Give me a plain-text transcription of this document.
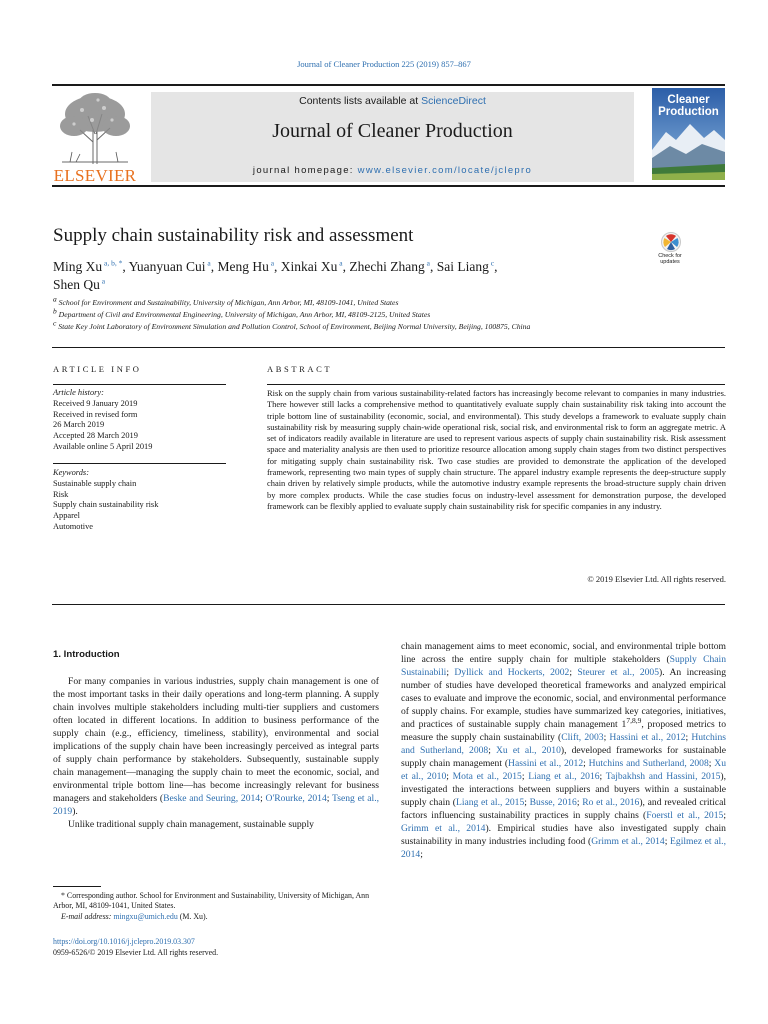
Journal of Cleaner Production 225 (2019) 857–867
ELSEVIER
Contents lists available at ScienceDirect
Journal of Cleaner Production
journal homepage: www.elsevier.com/locate/jclepro
Cleaner
Production
Supply chain sustainability risk and assessment
Check for updates
Ming Xu $^{a, b, *}$, Yuanyuan Cui $^a$, Meng Hu $^a$, Xinkai Xu $^a$, Zhechi Zhang $^a$, Sai Liang $^c$,
Shen Qu $^a$
$^a$ School for Environment and Sustainability, University of Michigan, Ann Arbor, MI, 48109-1041, United States
$^b$ Department of Civil and Environmental Engineering, University of Michigan, Ann Arbor, MI, 48109-2125, United States
$^c$ State Key Joint Laboratory of Environment Simulation and Pollution Control, School of Environment, Beijing Normal University, Beijing, 100875, China
ARTICLE INFO	ABSTRACT
Article history:
Received 9 January 2019
Received in revised form
26 March 2019
Accepted 28 March 2019
Available online 5 April 2019
Keywords:
Sustainable supply chain
Risk
Supply chain sustainability risk
Apparel
Automotive
Risk on the supply chain from various sustainability-related factors has increasingly become relevant to companies in many industries. There however still lacks a comprehensive method to quantitatively evaluate supply chain sustainability risk taking into account the triple bottom line of sustainability (economic, social, and environmental). This study develops a framework to evaluate supply chain sustainability risk by measuring supply chain-wide operational risk, social risk, and environmental risk to form an aggregate metric. A set of indicators readily available in literature are used to represent various aspects of supply chain sustainability risk. Risk assessment space and materiality analysis are then used to prioritize resource allocation among supply chain stages from two distinct perspectives for mitigating supply chain sustainability risk. Two case studies are provided to demonstrate the application of the developed framework, representing two main types of supply chain structure. The apparel industry example represents the deep-structure supply chain driven by relatively simple products, while the automotive industry example represents the broad-structure supply chain driven by more complex products. While the case studies focus on industry-level assessment for demonstration purpose, the developed framework can be flexibly applied to evaluate supply chain sustainability risk for specific companies in any industry.
© 2019 Elsevier Ltd. All rights reserved.
1. Introduction

For many companies in various industries, supply chain management is one of the most important tasks in their daily operations and long-term planning. A supply chain involves multiple stakeholders including multi-tier suppliers and customers often located in different locations. In addition to business performance of the supply chain (e.g., efficiency, timeliness, stability), environmental and social implications of the supply chain have been increasingly perceived as integral parts of supply chain performance by stakeholders. Subsequently, sustainable supply chain management—managing the supply chain to meet the economic, social, and environmental triple bottom line—has become increasingly relevant for business managers and stakeholders (Beske and Seuring, 2014; O'Rourke, 2014; Tseng et al., 2019).

Unlike traditional supply chain management, sustainable supply

chain management aims to meet economic, social, and environmental triple bottom line across the entire supply chain for multiple stakeholders (Supply Chain Sustainabili; Dyllick and Hockerts, 2002; Steurer et al., 2005). An increasing number of studies have developed theoretical frameworks and analyzed empirical cases to evaluate and improve the economic, social, and environmental performance of supply chains. For example, studies have summarized key categories, initiatives, and practices of sustainable supply chain management 1$^{7,8,9}$, proposed metrics to measure the supply chain sustainability (Clift, 2003; Hassini et al., 2012; Hutchins and Sutherland, 2008; Xu et al., 2010), developed frameworks for sustainable supply chain management (Hassini et al., 2012; Hutchins and Sutherland, 2008; Xu et al., 2010; Mota et al., 2015; Liang et al., 2016; Tajbakhsh and Hassini, 2015), investigated the interactions between suppliers and buyers within a sustainable supply chain (Liang et al., 2015; Busse, 2016; Ro et al., 2016), and revealed critical factors influencing sustainability practices in supply chains (Foerstl et al., 2015; Grimm et al., 2014). Empirical studies have also investigated supply chain sustainability in many industries including food (Grimm et al., 2014; Egilmez et al., 2014;

* Corresponding author. School for Environment and Sustainability, University of Michigan, Ann Arbor, MI, 48109-1041, United States.
E-mail address: mingxu@umich.edu (M. Xu).
https://doi.org/10.1016/j.jclepro.2019.03.307
0959-6526/© 2019 Elsevier Ltd. All rights reserved.
